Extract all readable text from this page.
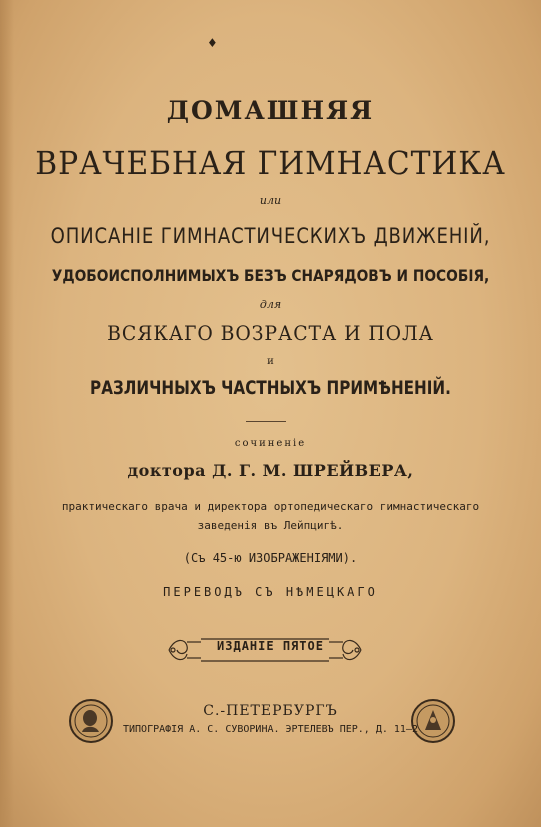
♦
ДОМАШНЯЯ
ВРАЧЕБНАЯ ГИМНАСТИКА
или
ОПИСАНІЕ ГИМНАСТИЧЕСКИХЪ ДВИЖЕНІЙ,
УДОБОИСПОЛНИМЫХЪ БЕЗЪ СНАРЯДОВЪ И ПОСОБІЯ,
для
ВСЯКАГО ВОЗРАСТА И ПОЛА
и
РАЗЛИЧНЫХЪ ЧАСТНЫХЪ ПРИМѢНЕНІЙ.
сочиненіе
доктора Д. Г. М. ШРЕЙВЕРА,
практическаго врача и директора ортопедическаго гимнастическаго
заведенія въ Лейпцигѣ.
(Съ 45-ю ИЗОБРАЖЕНІЯМИ).
ПЕРЕВОДЪ СЪ НѢМЕЦКАГО
ИЗДАНІЕ ПЯТОЕ
С.-ПЕТЕРБУРГЪ
ТИПОГРАФІЯ А. С. СУВОРИНА. ЭРТЕЛЕВЪ ПЕР., Д. 11—2
